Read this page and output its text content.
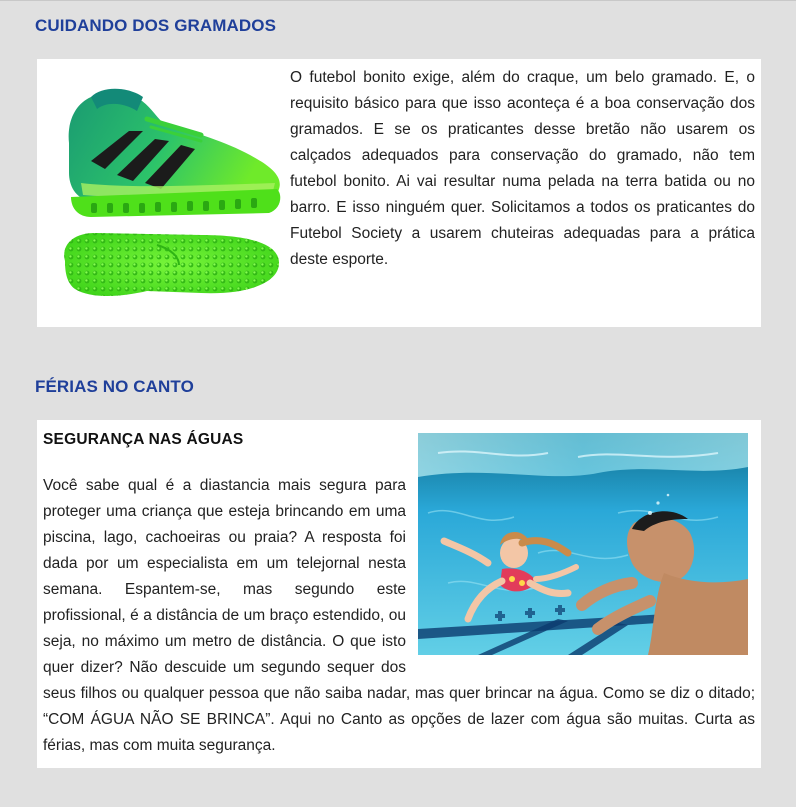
CUIDANDO DOS GRAMADOS

O futebol bonito exige, além do craque, um belo gramado. E, o requisito básico para que isso aconteça é a boa conservação dos gramados. E se os praticantes desse bretão não usarem os calçados adequados para conservação do gramado, não tem futebol bonito. Ai vai resultar numa pelada na terra batida ou no barro. E isso ninguém quer. Solicitamos a todos os praticantes do Futebol Society a usarem chuteiras adequadas para a prática deste esporte.

FÉRIAS NO CANTO
SEGURANÇA NAS ÁGUAS

Você sabe qual é a diastancia mais segura para proteger uma criança que esteja brincando em uma piscina, lago, cachoeiras ou praia? A resposta foi dada por um especialista em um telejornal nesta semana. Espantem-se, mas segundo este profissional, é a distância de um braço estendido, ou seja, no máximo um metro de distância. O que isto quer dizer? Não descuide um segundo sequer dos seus filhos ou qualquer pessoa que não saiba nadar, mas quer brincar na água. Como se diz o ditado; “COM ÁGUA NÃO SE BRINCA”. Aqui no Canto as opções de lazer com água são muitas. Curta as férias, mas com muita segurança.
